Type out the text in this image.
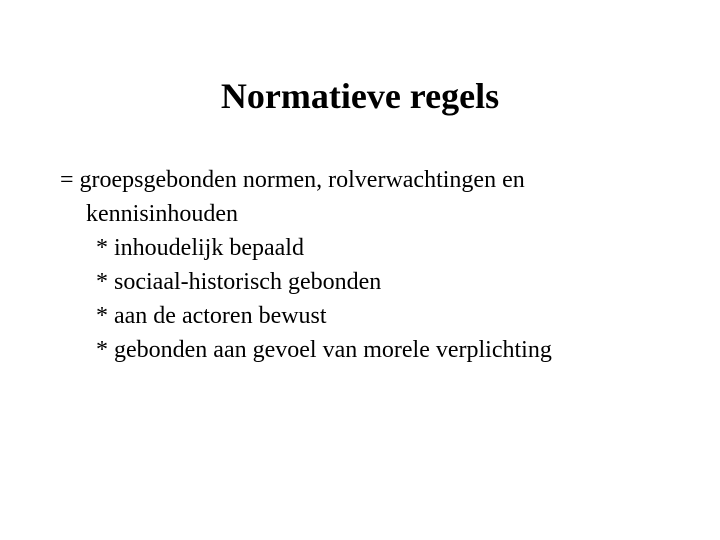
Normatieve regels

= groepsgebonden normen, rolverwachtingen en kennisinhouden

* inhoudelijk bepaald
* sociaal-historisch gebonden
* aan de actoren bewust
* gebonden aan gevoel van morele verplichting
